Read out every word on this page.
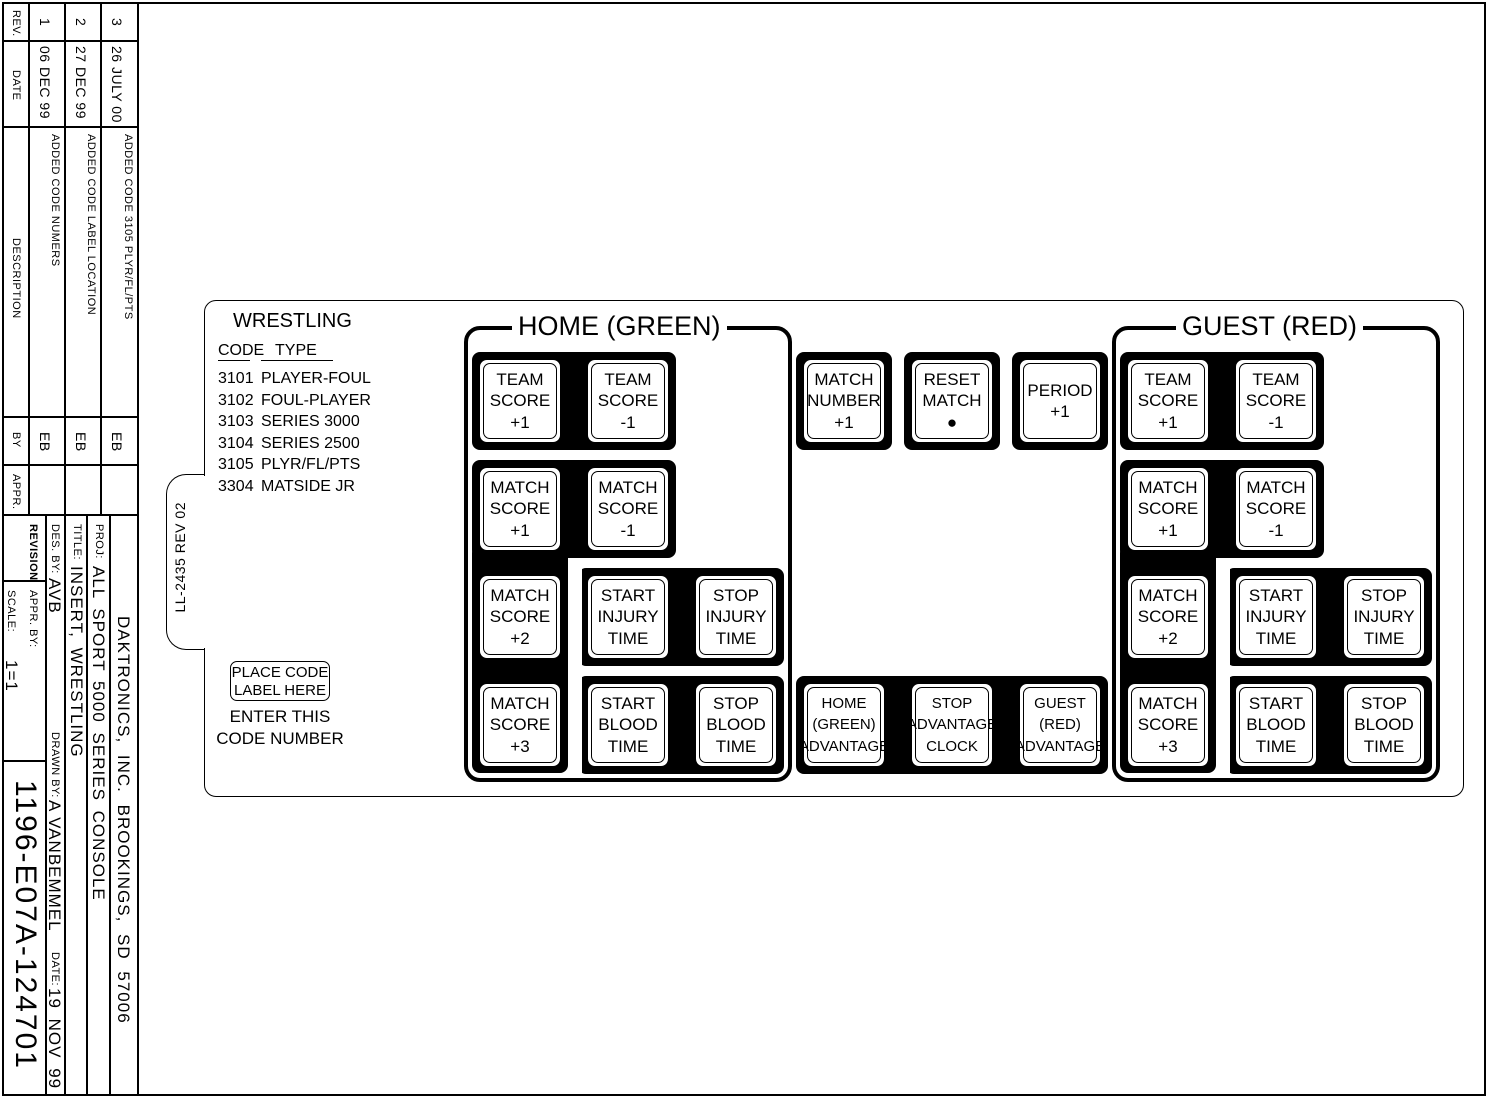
REV.
DATE
DESCRIPTION
BY
APPR.
1
06 DEC 99
ADDED CODE NUMERS
EB
2
27 DEC 99
ADDED CODE LABEL LOCATION
EB
3
26 JULY 00
ADDED CODE 3105 PLYR/FL/PTS
EB
DAKTRONICS, INC. BROOKINGS, SD 57006
PROJ:
ALL SPORT 5000 SERIES CONSOLE
TITLE:
INSERT, WRESTLING
DES. BY:
AVB
DRAWN BY:
A VANBEMMEL
DATE:
19 NOV 99
REVISION
APPR. BY:
SCALE:
1=1
1196-E07A-124701
LL-2435 REV 02
WRESTLING
CODE TYPE
3101 PLAYER-FOUL
3102 FOUL-PLAYER
3103 SERIES 3000
3104 SERIES 2500
3105 PLYR/FL/PTS
3304 MATSIDE JR
PLACE CODE
LABEL HERE
ENTER THIS
CODE NUMBER
HOME (GREEN)
TEAM
SCORE
+1
TEAM
SCORE
-1
MATCH
SCORE
+1
MATCH
SCORE
-1
MATCH
SCORE
+2
MATCH
SCORE
+3
START
INJURY
TIME
STOP
INJURY
TIME
START
BLOOD
TIME
STOP
BLOOD
TIME
MATCH
NUMBER
+1
RESET
MATCH
●
PERIOD
+1
HOME
(GREEN)
ADVANTAGE
STOP
ADVANTAGE
CLOCK
GUEST
(RED)
ADVANTAGE
GUEST (RED)
TEAM
SCORE
+1
TEAM
SCORE
-1
MATCH
SCORE
+1
MATCH
SCORE
-1
MATCH
SCORE
+2
MATCH
SCORE
+3
START
INJURY
TIME
STOP
INJURY
TIME
START
BLOOD
TIME
STOP
BLOOD
TIME
